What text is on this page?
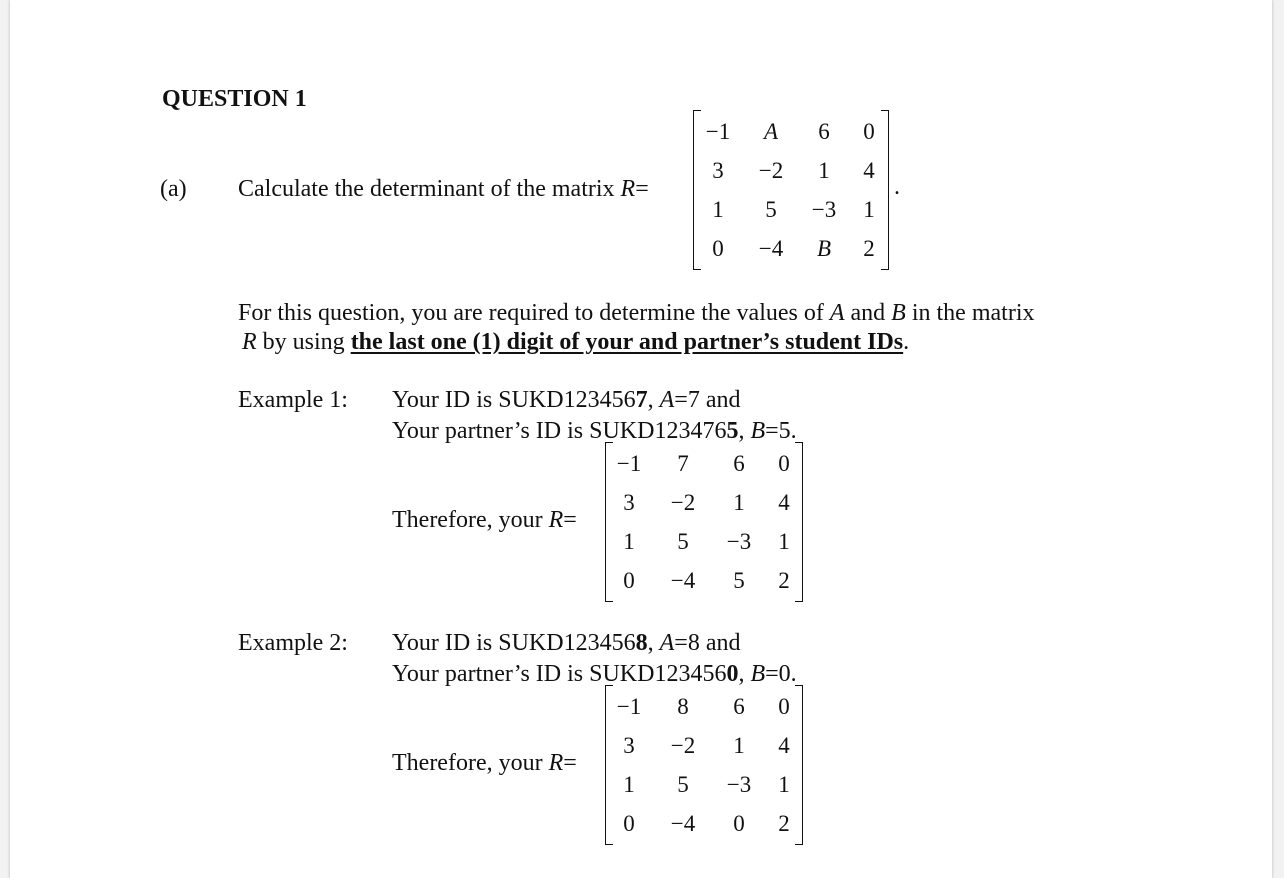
QUESTION 1
(a) Calculate the determinant of the matrix R=
−1 A 6 0
3 −2 1 4
1 5 −3 1
0 −4 B 2
.
For this question, you are required to determine the values of A and B in the matrix
R by using the last one (1) digit of your and partner’s student IDs.
Example 1: Your ID is SUKD1234567, A=7 and
Your partner’s ID is SUKD1234765, B=5.
Therefore, your R=
−1 7 6 0
3 −2 1 4
1 5 −3 1
0 −4 5 2
Example 2: Your ID is SUKD1234568, A=8 and
Your partner’s ID is SUKD1234560, B=0.
Therefore, your R=
−1 8 6 0
3 −2 1 4
1 5 −3 1
0 −4 0 2
